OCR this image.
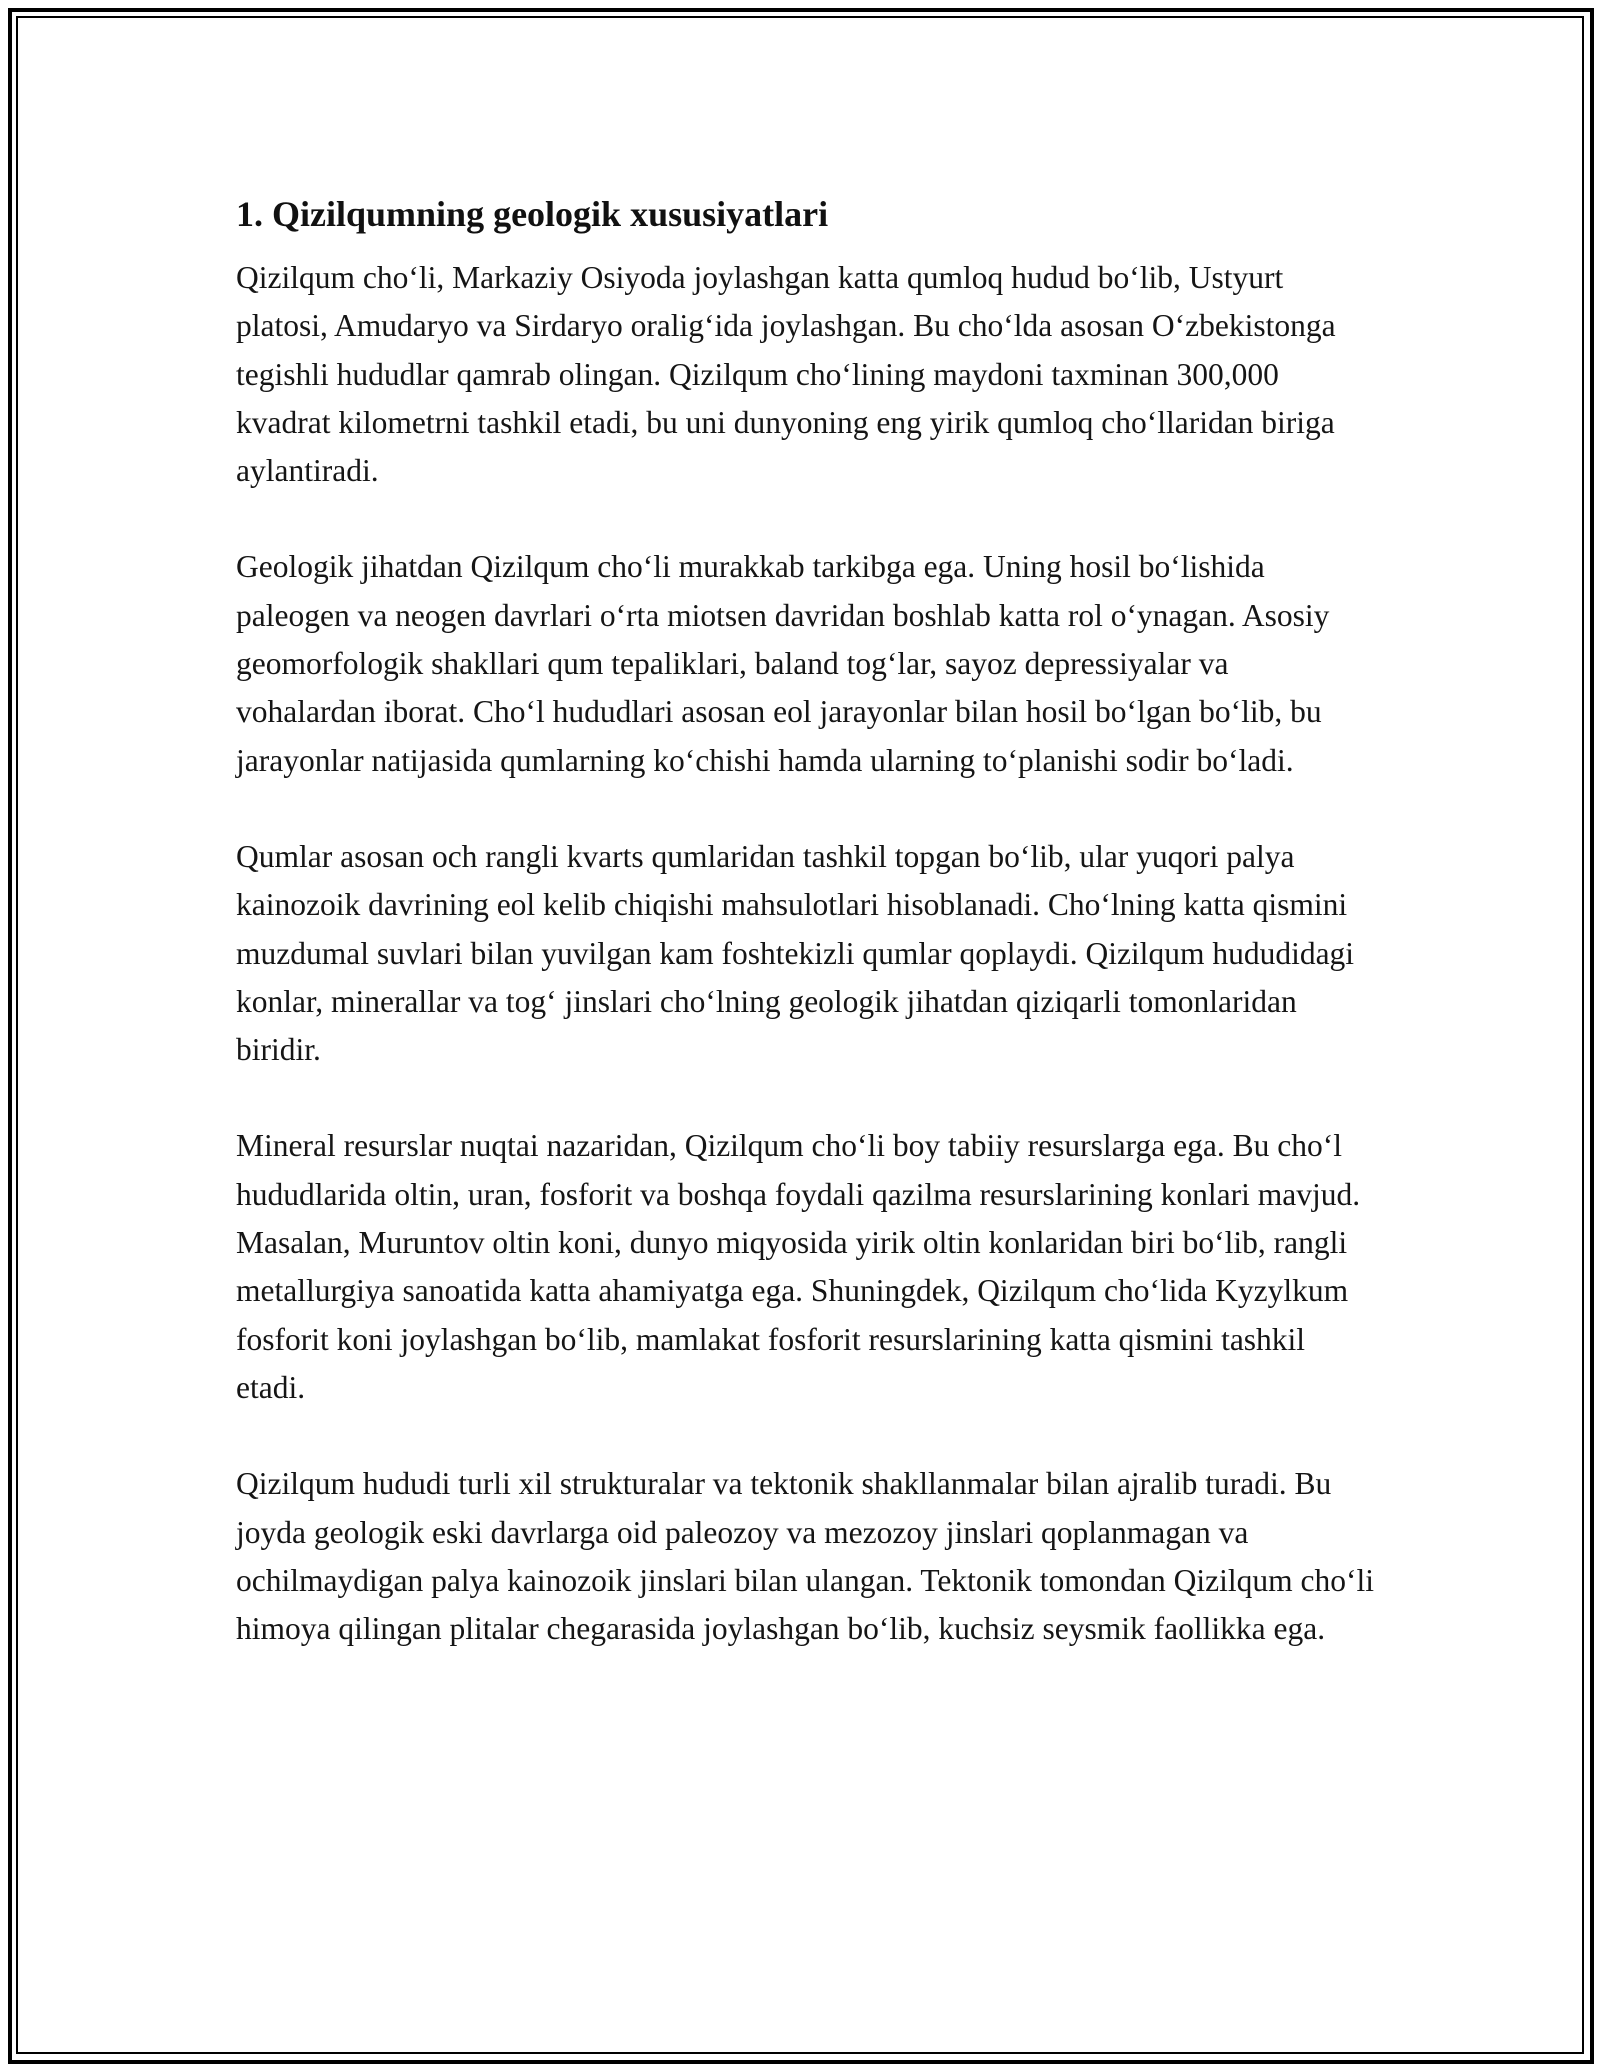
1. Qizilqumning geologik xususiyatlari

Qizilqum cho‘li, Markaziy Osiyoda joylashgan katta qumloq hudud bo‘lib, Ustyurt platosi, Amudaryo va Sirdaryo oralig‘ida joylashgan. Bu cho‘lda asosan O‘zbekistonga tegishli hududlar qamrab olingan. Qizilqum cho‘lining maydoni taxminan 300,000 kvadrat kilometrni tashkil etadi, bu uni dunyoning eng yirik qumloq cho‘llaridan biriga aylantiradi.

Geologik jihatdan Qizilqum cho‘li murakkab tarkibga ega. Uning hosil bo‘lishida paleogen va neogen davrlari o‘rta miotsen davridan boshlab katta rol o‘ynagan. Asosiy geomorfologik shakllari qum tepaliklari, baland tog‘lar, sayoz depressiyalar va vohalardan iborat. Cho‘l hududlari asosan eol jarayonlar bilan hosil bo‘lgan bo‘lib, bu jarayonlar natijasida qumlarning ko‘chishi hamda ularning to‘planishi sodir bo‘ladi.

Qumlar asosan och rangli kvarts qumlaridan tashkil topgan bo‘lib, ular yuqori palya kainozoik davrining eol kelib chiqishi mahsulotlari hisoblanadi. Cho‘lning katta qismini muzdumal suvlari bilan yuvilgan kam foshtekizli qumlar qoplaydi. Qizilqum hududidagi konlar, minerallar va tog‘ jinslari cho‘lning geologik jihatdan qiziqarli tomonlaridan biridir.

Mineral resurslar nuqtai nazaridan, Qizilqum cho‘li boy tabiiy resurslarga ega. Bu cho‘l hududlarida oltin, uran, fosforit va boshqa foydali qazilma resurslarining konlari mavjud. Masalan, Muruntov oltin koni, dunyo miqyosida yirik oltin konlaridan biri bo‘lib, rangli metallurgiya sanoatida katta ahamiyatga ega. Shuningdek, Qizilqum cho‘lida Kyzylkum fosforit koni joylashgan bo‘lib, mamlakat fosforit resurslarining katta qismini tashkil etadi.

Qizilqum hududi turli xil strukturalar va tektonik shakllanmalar bilan ajralib turadi. Bu joyda geologik eski davrlarga oid paleozoy va mezozoy jinslari qoplanmagan va ochilmaydigan palya kainozoik jinslari bilan ulangan. Tektonik tomondan Qizilqum cho‘li himoya qilingan plitalar chegarasida joylashgan bo‘lib, kuchsiz seysmik faollikka ega.
